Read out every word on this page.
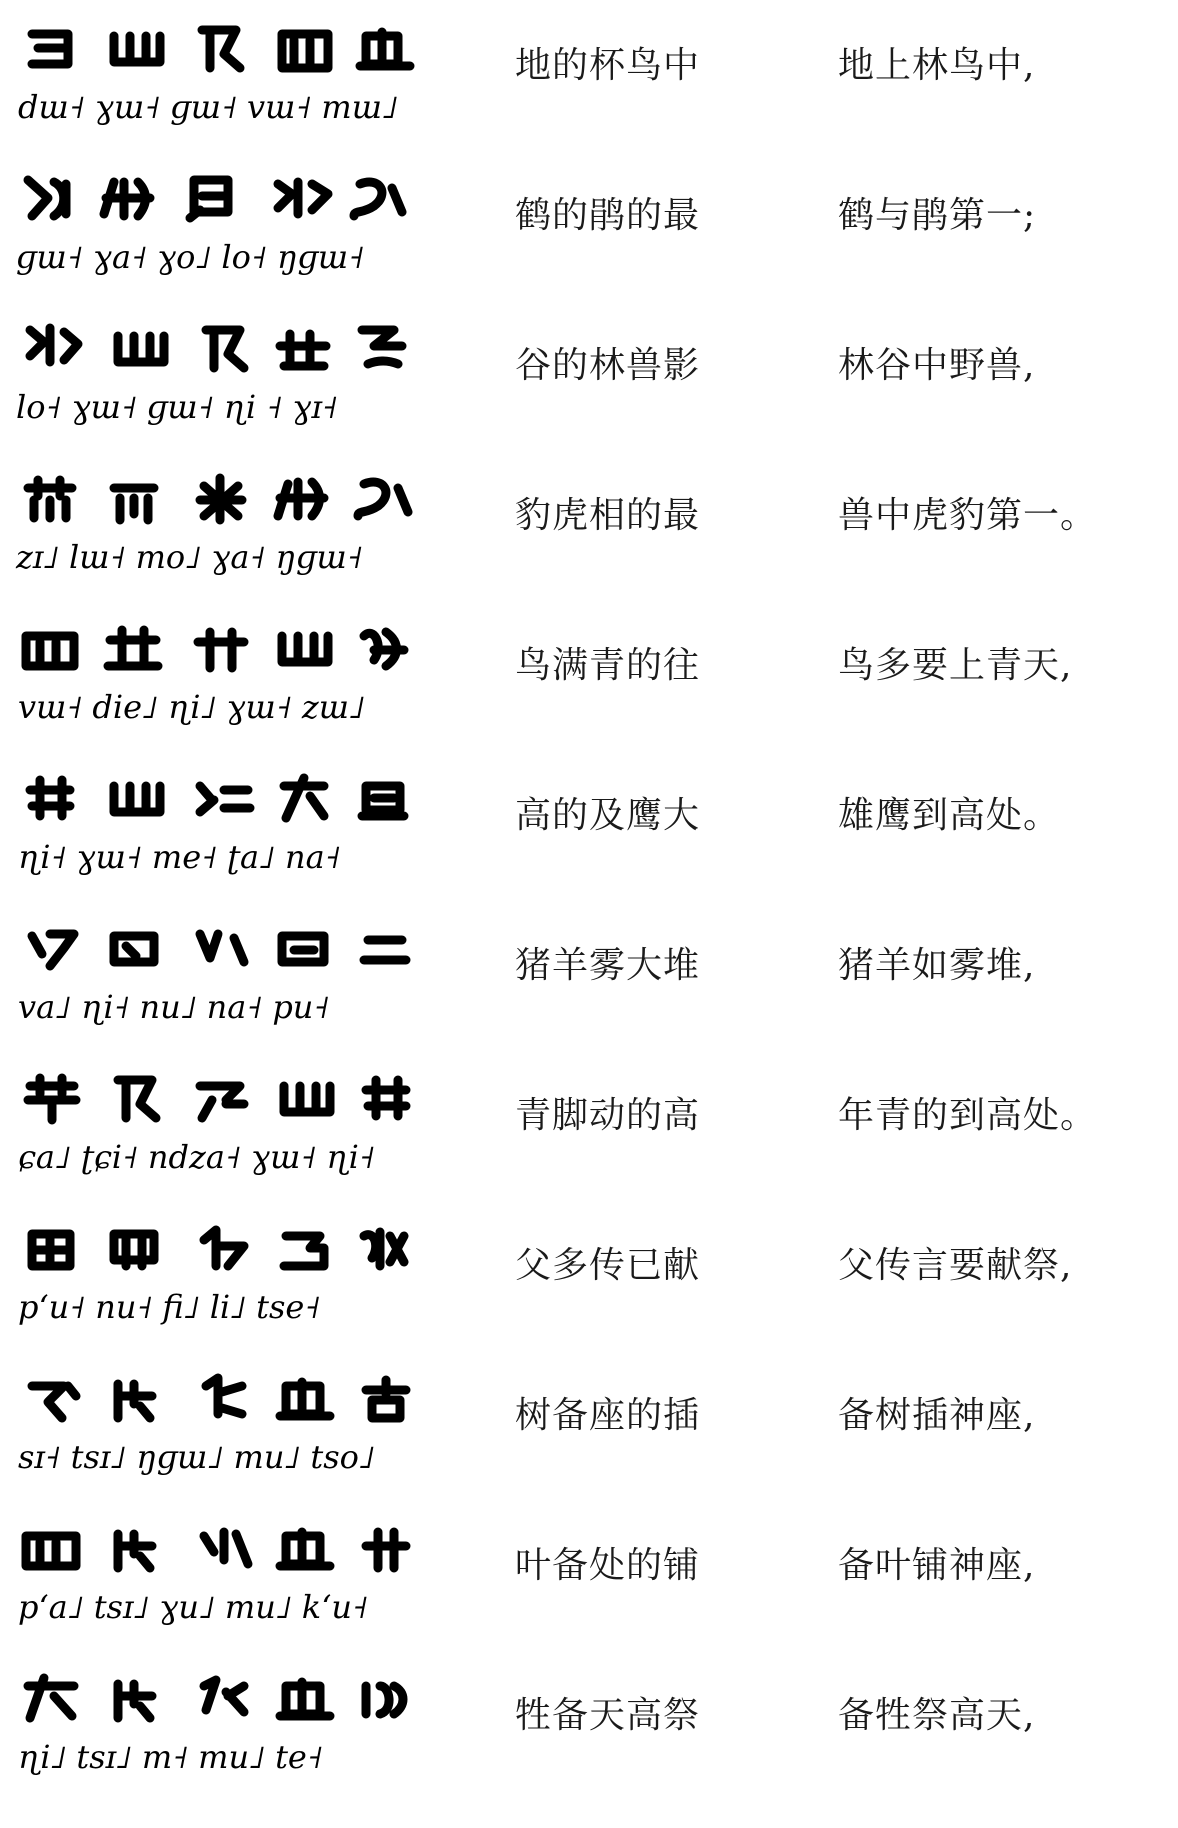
dɯ˧ ɣɯ˧ ɡɯ˧ vɯ˧ mɯ˩
地的杯鸟中	地上林鸟中,
ɡɯ˧ ɣa˧ ɣo˩ lo˧ ŋɡɯ˧
鹤的鹃的最	鹤与鹃第一;
lo˧ ɣɯ˧ ɡɯ˧ ɳi ˧ ɣɪ˧
谷的林兽影	林谷中野兽,
zɪ˩ lɯ˧ mo˩ ɣa˧ ŋɡɯ˧
豹虎相的最	兽中虎豹第一。
vɯ˧ die˩ ɳi˩ ɣɯ˧ zɯ˩
鸟满青的往	鸟多要上青天,
ɳi˧ ɣɯ˧ me˧ ʈa˩ na˧
高的及鹰大	雄鹰到高处。
va˩ ɳi˧ nu˩ na˧ pu˧
猪羊雾大堆	猪羊如雾堆,
ɕa˩ ʈɕi˧ ndza˧ ɣɯ˧ ɳi˧
青脚动的高	年青的到高处。
pʻu˧ nu˧ fi˩ li˩ tse˧
父多传已献	父传言要献祭,
sɪ˧ tsɪ˩ ŋɡɯ˩ mu˩ tso˩
树备座的插	备树插神座,
pʻa˩ tsɪ˩ ɣu˩ mu˩ kʻu˧
叶备处的铺	备叶铺神座,
ɳi˩ tsɪ˩ m˧ mu˩ te˧
牲备天高祭	备牲祭高天,
